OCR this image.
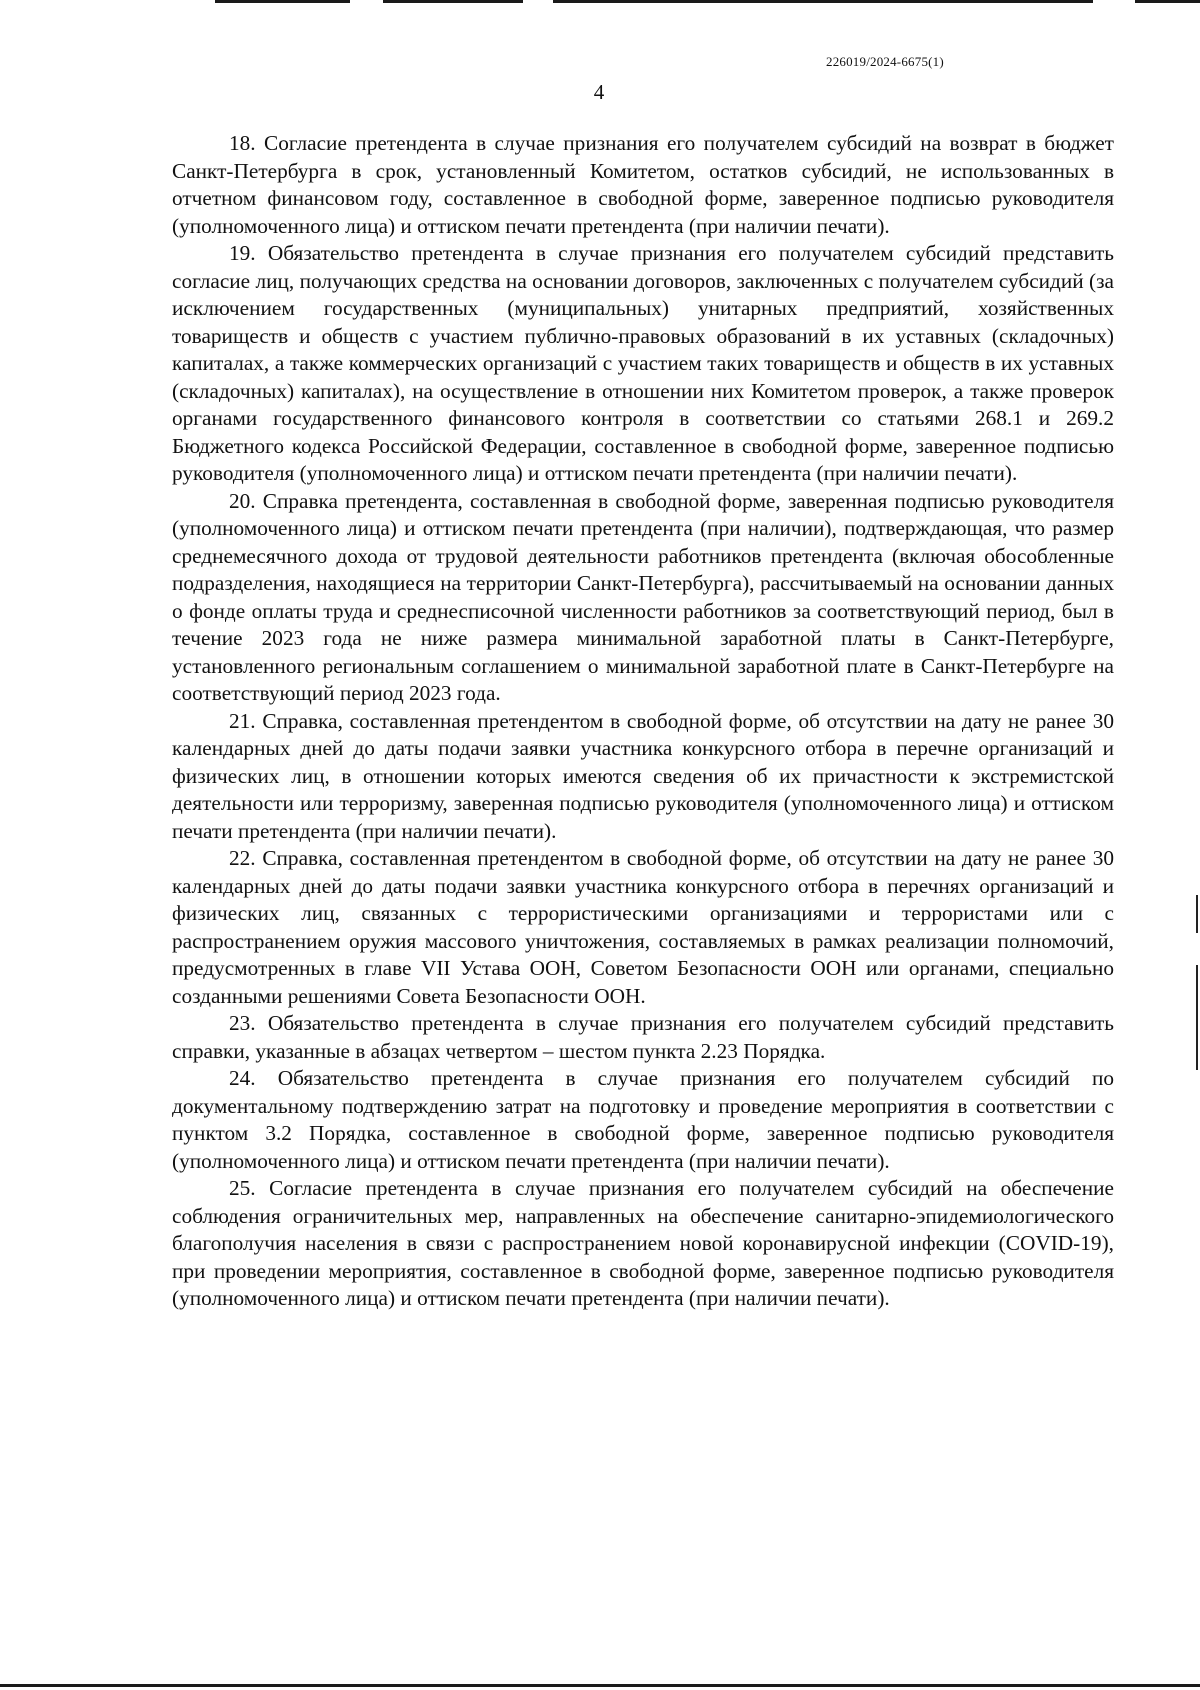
226019/2024-6675(1)
4

18. Согласие претендента в случае признания его получателем субсидий на возврат в бюджет Санкт-Петербурга в срок, установленный Комитетом, остатков субсидий, не использованных в отчетном финансовом году, составленное в свободной форме, заверенное подписью руководителя (уполномоченного лица) и оттиском печати претендента (при наличии печати).

19. Обязательство претендента в случае признания его получателем субсидий представить согласие лиц, получающих средства на основании договоров, заключенных с получателем субсидий (за исключением государственных (муниципальных) унитарных предприятий, хозяйственных товариществ и обществ с участием публично-правовых образований в их уставных (складочных) капиталах, а также коммерческих организаций с участием таких товариществ и обществ в их уставных (складочных) капиталах), на осуществление в отношении них Комитетом проверок, а также проверок органами государственного финансового контроля в соответствии со статьями 268.1 и 269.2 Бюджетного кодекса Российской Федерации, составленное в свободной форме, заверенное подписью руководителя (уполномоченного лица) и оттиском печати претендента (при наличии печати).

20. Справка претендента, составленная в свободной форме, заверенная подписью руководителя (уполномоченного лица) и оттиском печати претендента (при наличии), подтверждающая, что размер среднемесячного дохода от трудовой деятельности работников претендента (включая обособленные подразделения, находящиеся на территории Санкт-Петербурга), рассчитываемый на основании данных о фонде оплаты труда и среднесписочной численности работников за соответствующий период, был в течение 2023 года не ниже размера минимальной заработной платы в Санкт-Петербурге, установленного региональным соглашением о минимальной заработной плате в Санкт-Петербурге на соответствующий период 2023 года.

21. Справка, составленная претендентом в свободной форме, об отсутствии на дату не ранее 30 календарных дней до даты подачи заявки участника конкурсного отбора в перечне организаций и физических лиц, в отношении которых имеются сведения об их причастности к экстремистской деятельности или терроризму, заверенная подписью руководителя (уполномоченного лица) и оттиском печати претендента (при наличии печати).

22. Справка, составленная претендентом в свободной форме, об отсутствии на дату не ранее 30 календарных дней до даты подачи заявки участника конкурсного отбора в перечнях организаций и физических лиц, связанных с террористическими организациями и террористами или с распространением оружия массового уничтожения, составляемых в рамках реализации полномочий, предусмотренных в главе VII Устава ООН, Советом Безопасности ООН или органами, специально созданными решениями Совета Безопасности ООН.

23. Обязательство претендента в случае признания его получателем субсидий представить справки, указанные в абзацах четвертом – шестом пункта 2.23 Порядка.

24. Обязательство претендента в случае признания его получателем субсидий по документальному подтверждению затрат на подготовку и проведение мероприятия в соответствии с пунктом 3.2 Порядка, составленное в свободной форме, заверенное подписью руководителя (уполномоченного лица) и оттиском печати претендента (при наличии печати).

25. Согласие претендента в случае признания его получателем субсидий на обеспечение соблюдения ограничительных мер, направленных на обеспечение санитарно-эпидемиологического благополучия населения в связи с распространением новой коронавирусной инфекции (COVID-19), при проведении мероприятия, составленное в свободной форме, заверенное подписью руководителя (уполномоченного лица) и оттиском печати претендента (при наличии печати).
